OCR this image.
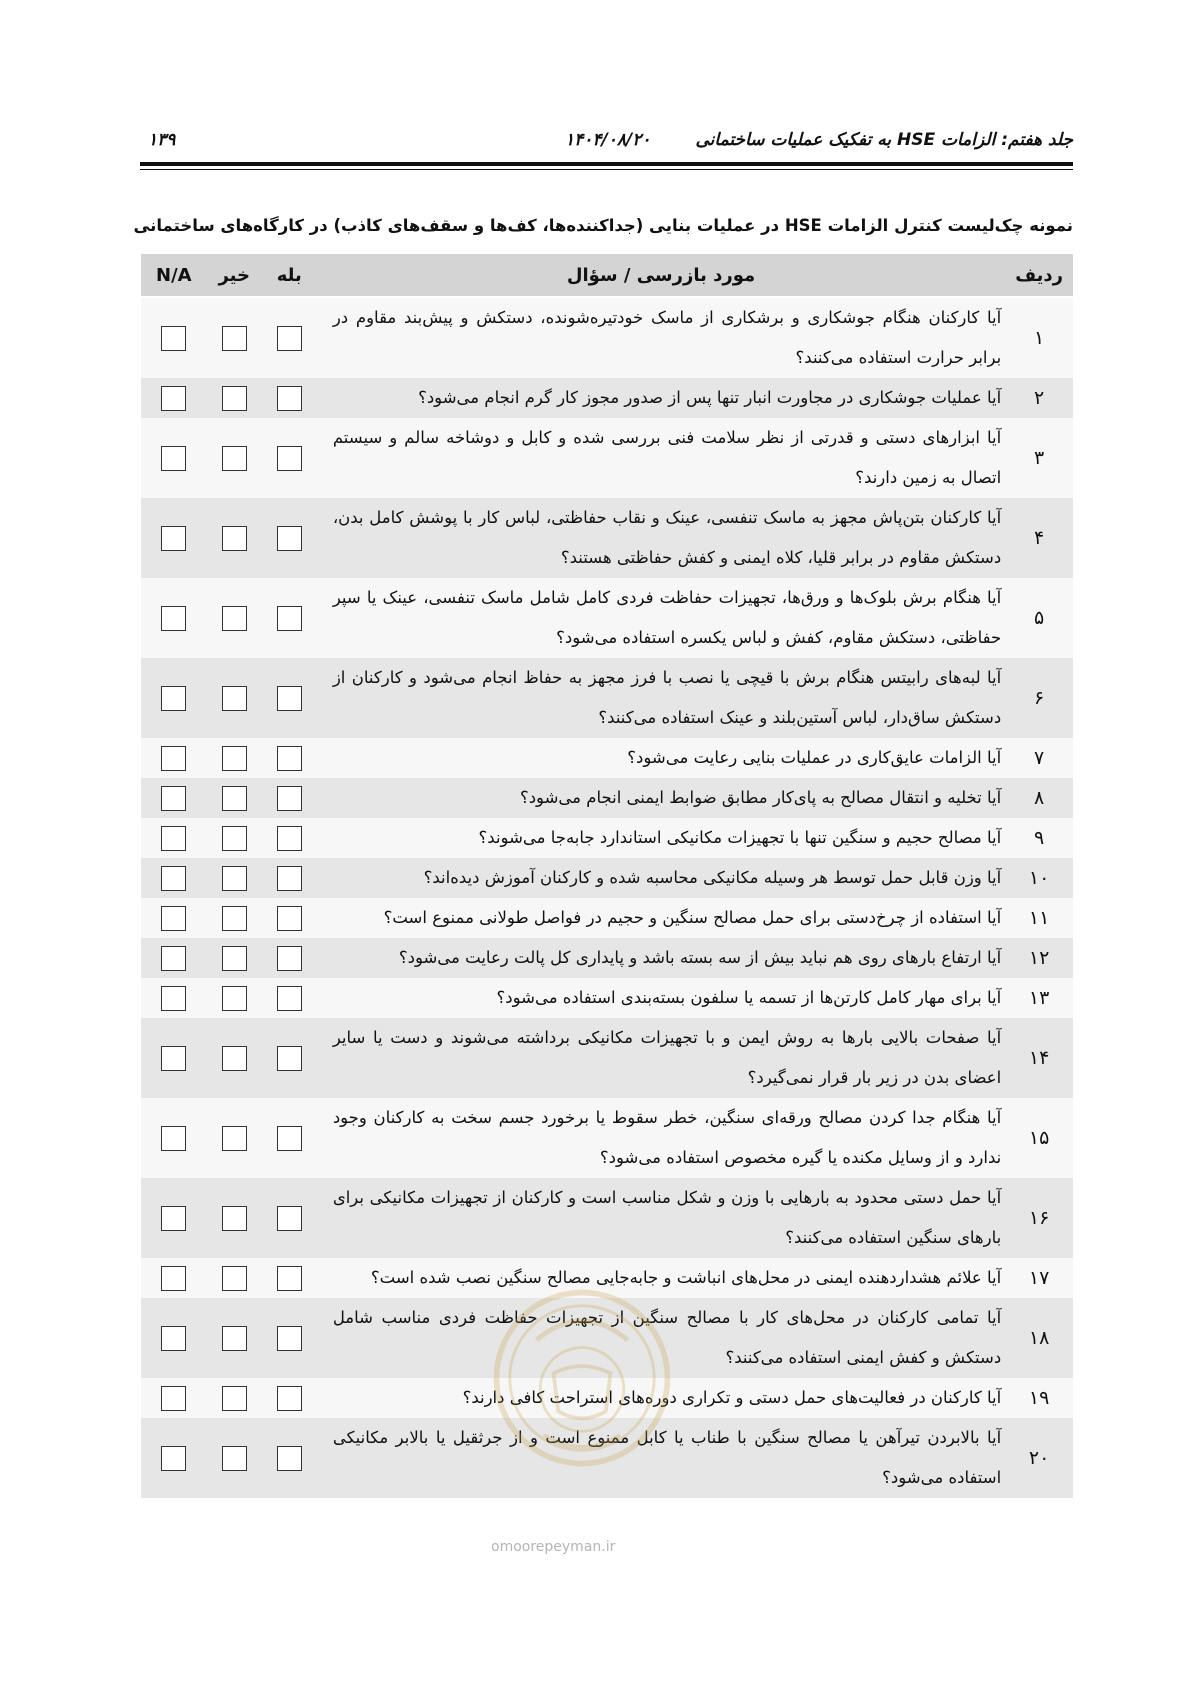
جلد هفتم: الزامات HSE به تفکیک عملیات ساختمانی
۱۴۰۴/۰۸/۲۰
۱۳۹
نمونه چک‌لیست کنترل الزامات HSE در عملیات بنایی (جداکننده‌ها، کف‌ها و سقف‌های کاذب) در کارگاه‌های ساختمانی
ردیف	مورد بازرسی / سؤال	بله	خیر	N/A
۱	آیا کارکنان هنگام جوشکاری و برشکاری از ماسک خودتیره‌شونده، دستکش و پیش‌بند مقاوم در برابر حرارت استفاده می‌کنند؟			
۲	آیا عملیات جوشکاری در مجاورت انبار تنها پس از صدور مجوز کار گرم انجام می‌شود؟			
۳	آیا ابزارهای دستی و قدرتی از نظر سلامت فنی بررسی شده و کابل و دوشاخه سالم و سیستم اتصال به زمین دارند؟			
۴	آیا کارکنان بتن‌پاش مجهز به ماسک تنفسی، عینک و نقاب حفاظتی، لباس کار با پوشش کامل بدن، دستکش مقاوم در برابر قلیا، کلاه ایمنی و کفش حفاظتی هستند؟			
۵	آیا هنگام برش بلوک‌ها و ورق‌ها، تجهیزات حفاظت فردی کامل شامل ماسک تنفسی، عینک یا سپر حفاظتی، دستکش مقاوم، کفش و لباس یکسره استفاده می‌شود؟			
۶	آیا لبه‌های رابیتس هنگام برش با قیچی یا نصب با فرز مجهز به حفاظ انجام می‌شود و کارکنان از دستکش ساق‌دار، لباس آستین‌بلند و عینک استفاده می‌کنند؟			
۷	آیا الزامات عایق‌کاری در عملیات بنایی رعایت می‌شود؟			
۸	آیا تخلیه و انتقال مصالح به پای‌کار مطابق ضوابط ایمنی انجام می‌شود؟			
۹	آیا مصالح حجیم و سنگین تنها با تجهیزات مکانیکی استاندارد جابه‌جا می‌شوند؟			
۱۰	آیا وزن قابل حمل توسط هر وسیله مکانیکی محاسبه شده و کارکنان آموزش دیده‌اند؟			
۱۱	آیا استفاده از چرخ‌دستی برای حمل مصالح سنگین و حجیم در فواصل طولانی ممنوع است؟			
۱۲	آیا ارتفاع بارهای روی هم نباید بیش از سه بسته باشد و پایداری کل پالت رعایت می‌شود؟			
۱۳	آیا برای مهار کامل کارتن‌ها از تسمه یا سلفون بسته‌بندی استفاده می‌شود؟			
۱۴	آیا صفحات بالایی بارها به روش ایمن و با تجهیزات مکانیکی برداشته می‌شوند و دست یا سایر اعضای بدن در زیر بار قرار نمی‌گیرد؟			
۱۵	آیا هنگام جدا کردن مصالح ورقه‌ای سنگین، خطر سقوط یا برخورد جسم سخت به کارکنان وجود ندارد و از وسایل مکنده یا گیره مخصوص استفاده می‌شود؟			
۱۶	آیا حمل دستی محدود به بارهایی با وزن و شکل مناسب است و کارکنان از تجهیزات مکانیکی برای بارهای سنگین استفاده می‌کنند؟			
۱۷	آیا علائم هشداردهنده ایمنی در محل‌های انباشت و جابه‌جایی مصالح سنگین نصب شده است؟			
۱۸	آیا تمامی کارکنان در محل‌های کار با مصالح سنگین از تجهیزات حفاظت فردی مناسب شامل دستکش و کفش ایمنی استفاده می‌کنند؟			
۱۹	آیا کارکنان در فعالیت‌های حمل دستی و تکراری دوره‌های استراحت کافی دارند؟			
۲۰	آیا بالابردن تیرآهن یا مصالح سنگین با طناب یا کابل ممنوع است و از جرثقیل یا بالابر مکانیکی استفاده می‌شود؟			
omoorepeyman.ir
